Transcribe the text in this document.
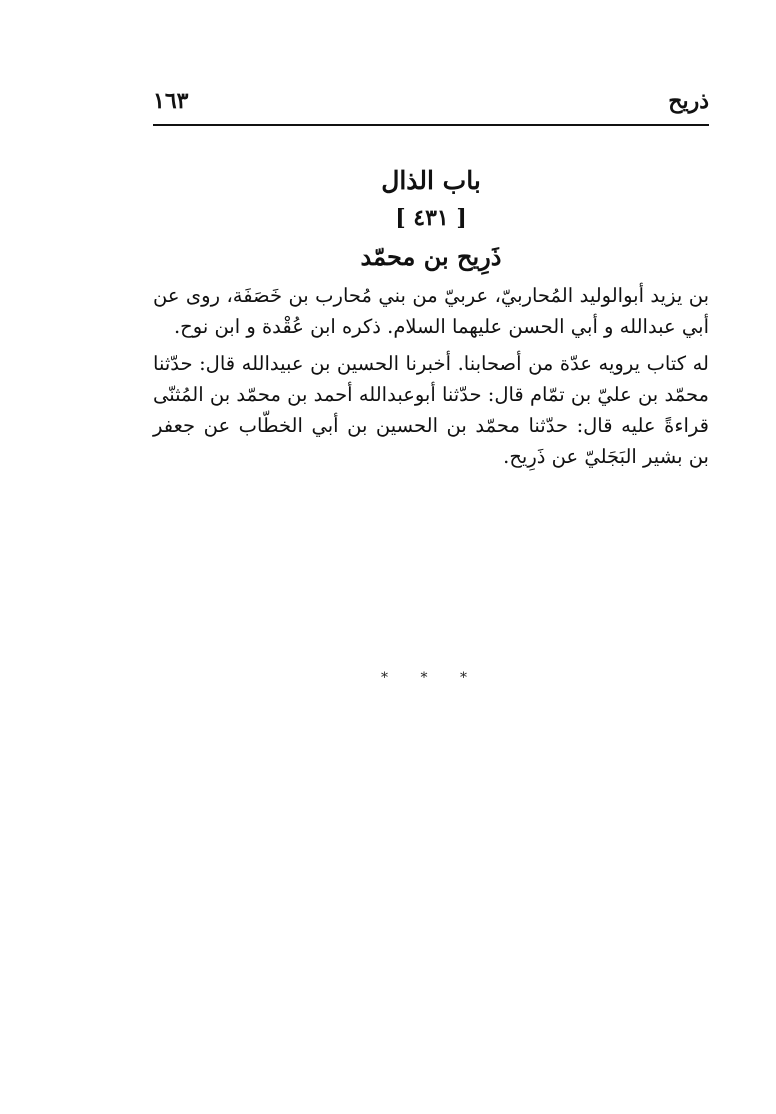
ذريح
١٦٣
باب الذال
[ ٤٣١ ]
ذَرِيح بن محمّد

بن يزيد أبوالوليد المُحاربيّ، عربيّ من بني مُحارب بن خَصَفَة، روى عن أبي عبدالله و أبي الحسن عليهما السلام. ذكره ابن عُقْدة و ابن نوح.

له كتاب يرويه عدّة من أصحابنا. أخبرنا الحسين بن عبيدالله قال: حدّثنا محمّد بن عليّ بن تمّام قال: حدّثنا أبوعبدالله أحمد بن محمّد بن المُثنّى قراءةً عليه قال: حدّثنا محمّد بن الحسين بن أبي الخطّاب عن جعفر بن بشير البَجَليّ عن ذَرِيح.

* * *
